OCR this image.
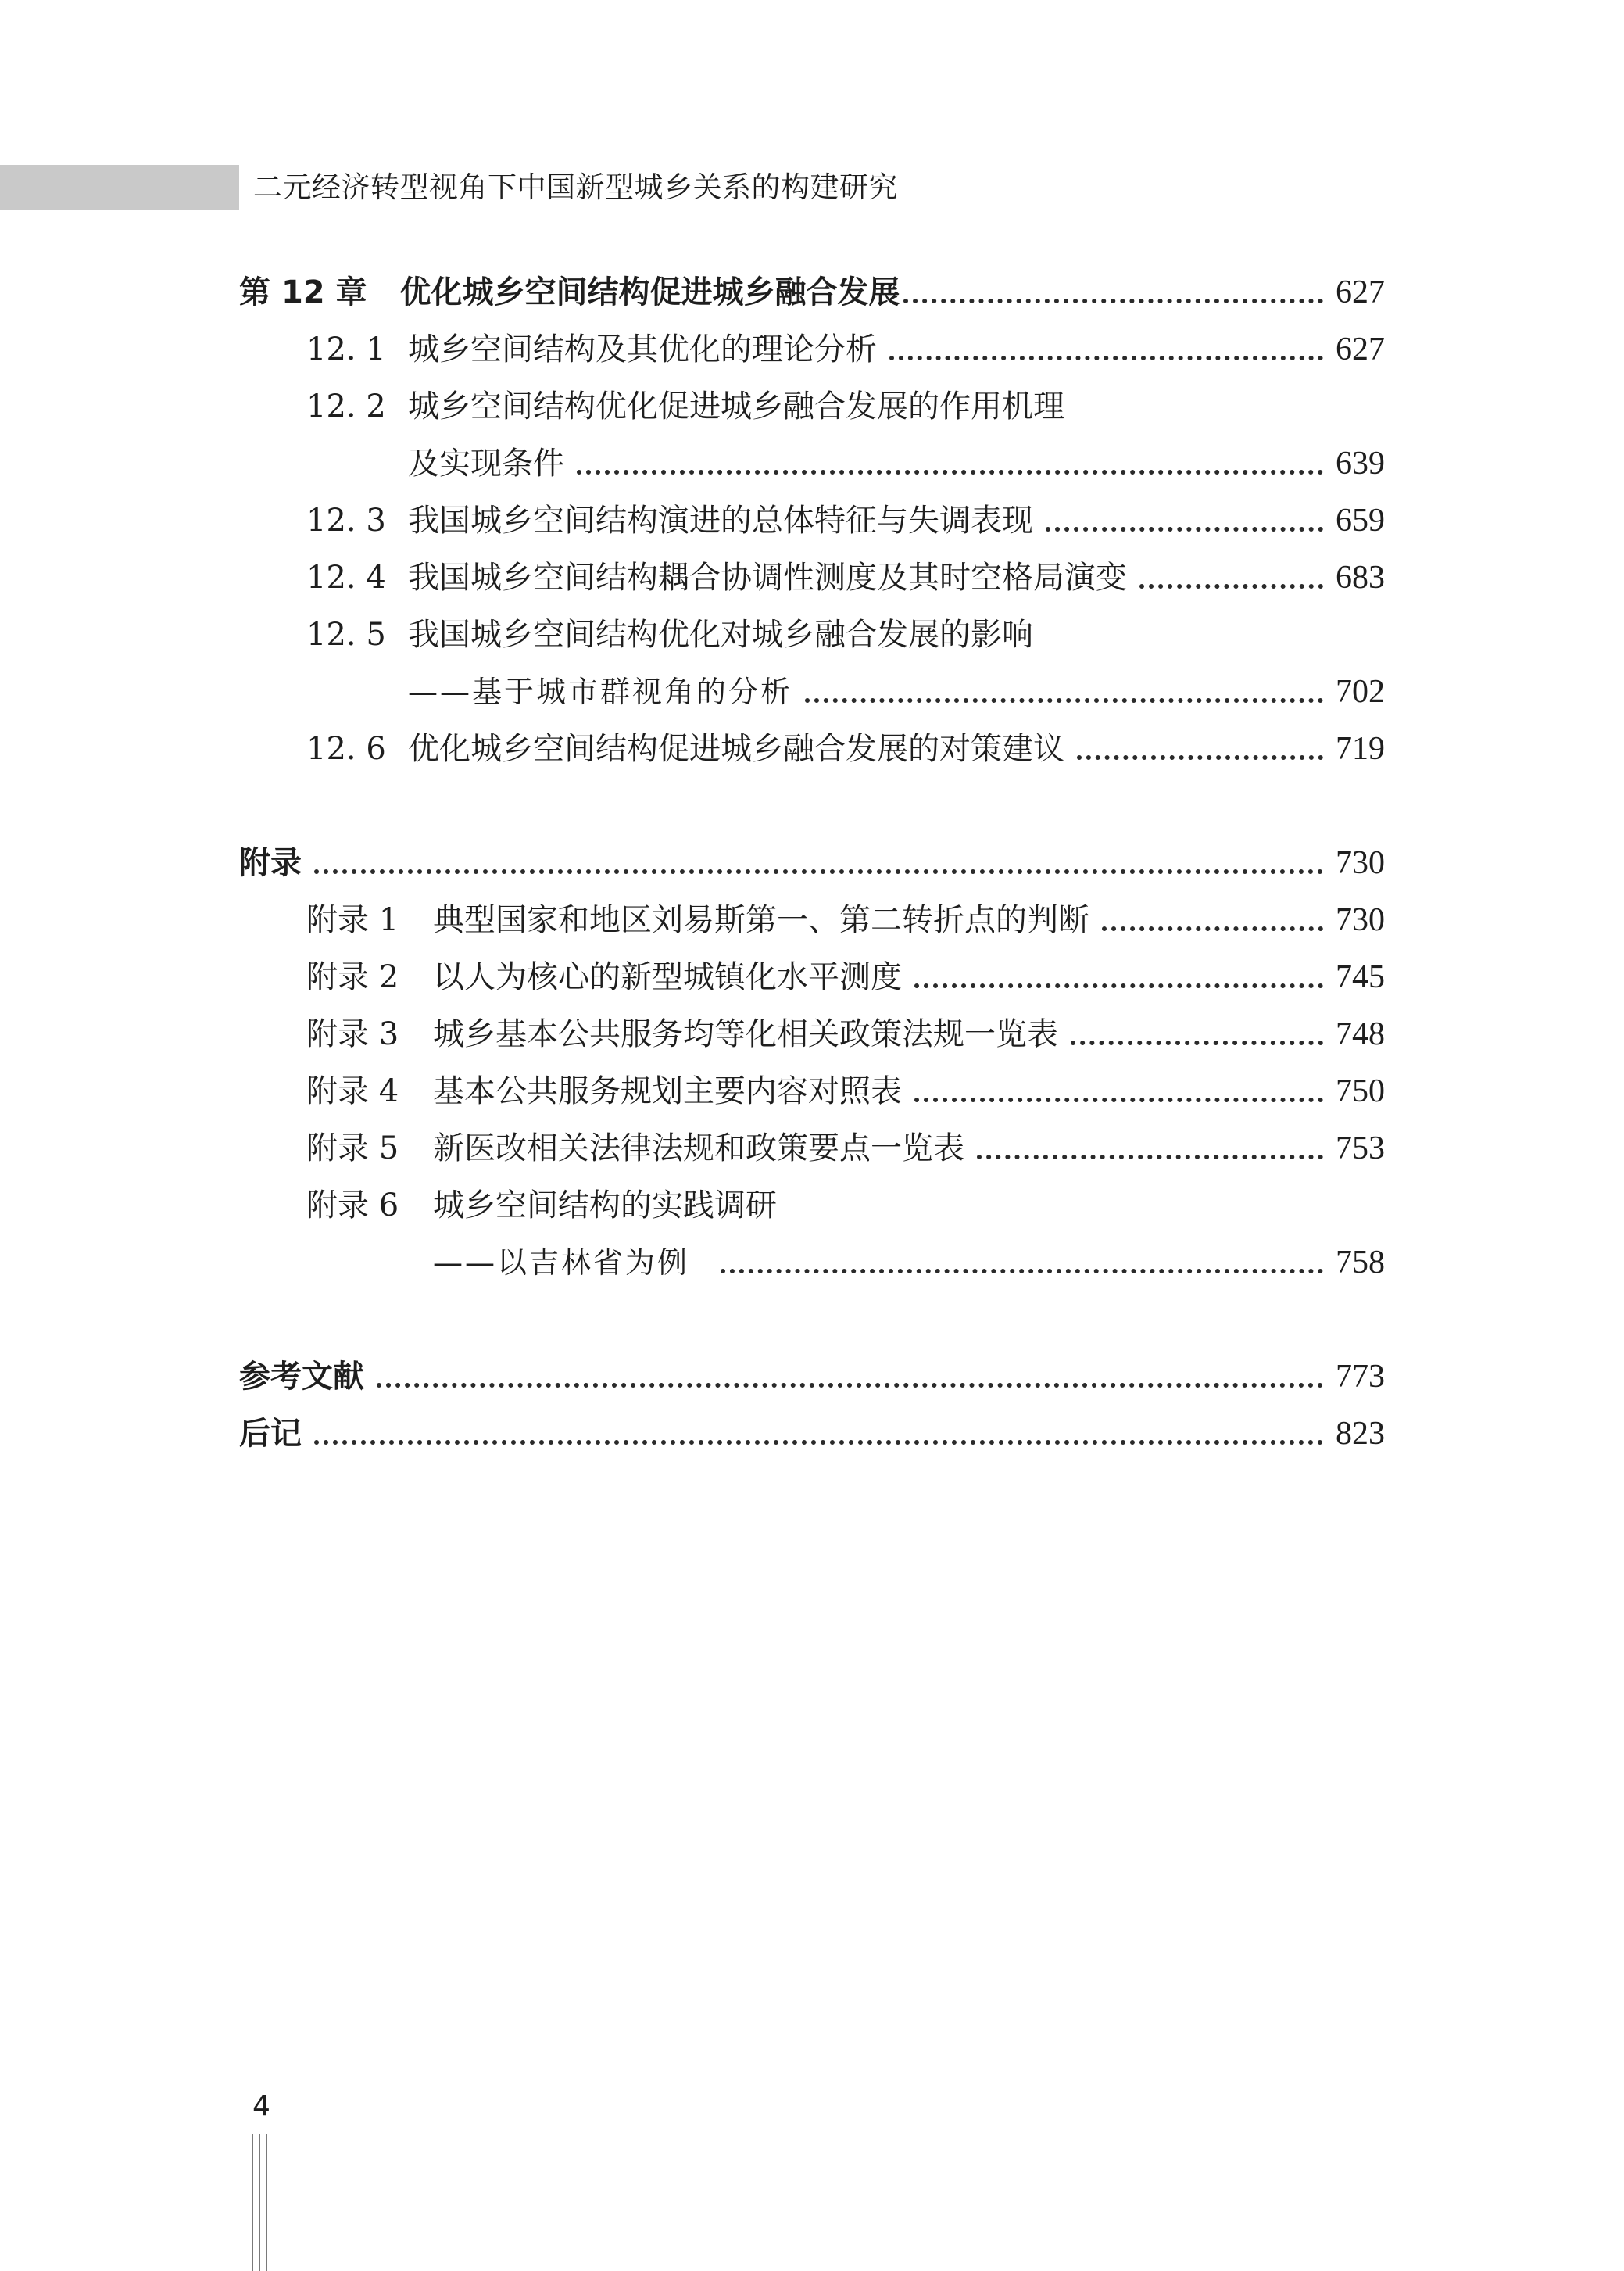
二元经济转型视角下中国新型城乡关系的构建研究
第 12 章 优化城乡空间结构促进城乡融合发展	627
12. 1 城乡空间结构及其优化的理论分析	627
12. 2 城乡空间结构优化促进城乡融合发展的作用机理
及实现条件	639
12. 3 我国城乡空间结构演进的总体特征与失调表现	659
12. 4 我国城乡空间结构耦合协调性测度及其时空格局演变	683
12. 5 我国城乡空间结构优化对城乡融合发展的影响
——基于城市群视角的分析	702
12. 6 优化城乡空间结构促进城乡融合发展的对策建议	719
附录	730
附录 1	典型国家和地区刘易斯第一、第二转折点的判断	730
附录 2	以人为核心的新型城镇化水平测度	745
附录 3	城乡基本公共服务均等化相关政策法规一览表	748
附录 4	基本公共服务规划主要内容对照表	750
附录 5	新医改相关法律法规和政策要点一览表	753
附录 6	城乡空间结构的实践调研
——以吉林省为例	758
参考文献	773
后记	823
4
